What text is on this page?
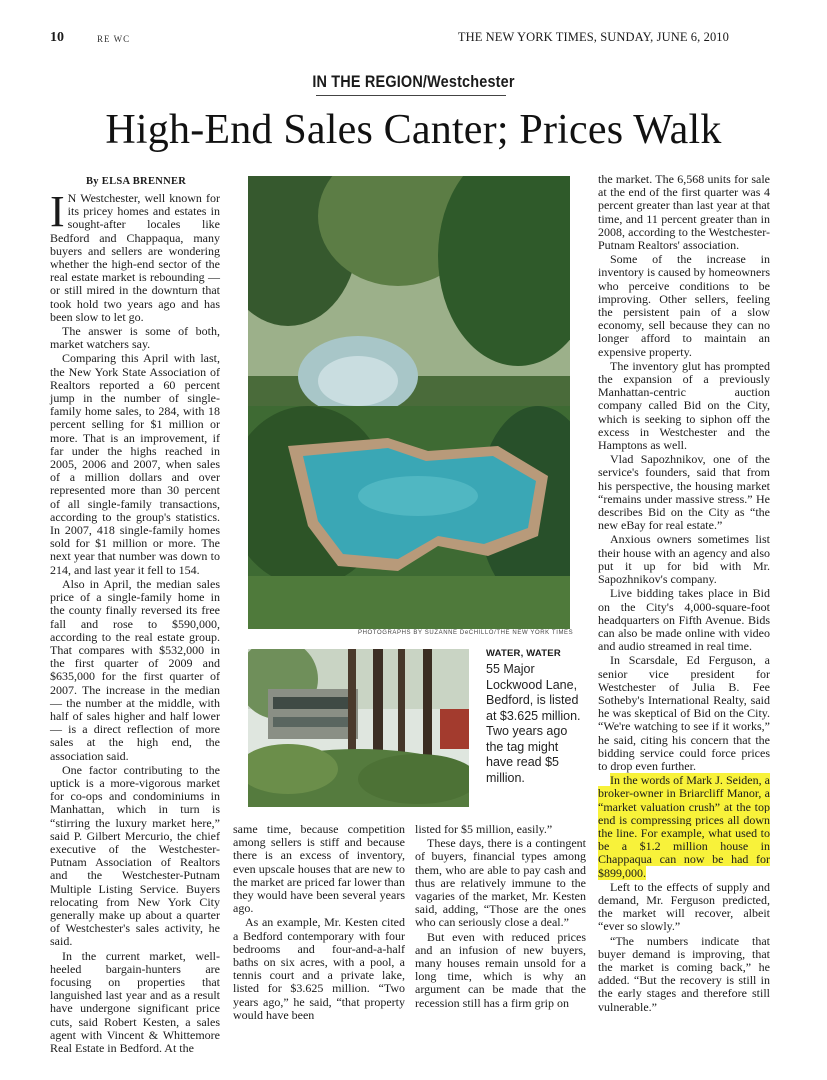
10	RE WC	THE NEW YORK TIMES, SUNDAY, JUNE 6, 2010
IN THE REGION/Westchester
High-End Sales Canter; Prices Walk
By ELSA BRENNER

I N Westchester, well known for its pricey homes and estates in sought-after locales like Bedford and Chappaqua, many buyers and sellers are wondering whether the high-end sector of the real estate market is rebounding — or still mired in the downturn that took hold two years ago and has been slow to let go.

The answer is some of both, market watchers say.

Comparing this April with last, the New York State Association of Realtors reported a 60 percent jump in the number of single-family home sales, to 284, with 18 percent selling for $1 million or more. That is an improvement, if far under the highs reached in 2005, 2006 and 2007, when sales of a million dollars and over represented more than 30 percent of all single-family transactions, according to the group's statistics. In 2007, 418 single-family homes sold for $1 million or more. The next year that number was down to 214, and last year it fell to 154.

Also in April, the median sales price of a single-family home in the county finally reversed its free fall and rose to $590,000, according to the real estate group. That compares with $532,000 in the first quarter of 2009 and $635,000 for the first quarter of 2007. The increase in the median — the number at the middle, with half of sales higher and half lower — is a direct reflection of more sales at the high end, the association said.

One factor contributing to the uptick is a more-vigorous market for co-ops and condominiums in Manhattan, which in turn is “stirring the luxury market here,” said P. Gilbert Mercurio, the chief executive of the Westchester-Putnam Association of Realtors and the Westchester-Putnam Multiple Listing Service. Buyers relocating from New York City generally make up about a quarter of Westchester's sales activity, he said.

In the current market, well-heeled bargain-hunters are focusing on properties that languished last year and as a result have undergone significant price cuts, said Robert Kesten, a sales agent with Vincent & Whittemore Real Estate in Bedford. At the

PHOTOGRAPHS BY SUZANNE DeCHILLO/THE NEW YORK TIMES
WATER, WATER
55 Major Lockwood Lane, Bedford, is listed at $3.625 million. Two years ago the tag might have read $5 million.

same time, because competition among sellers is stiff and because there is an excess of inventory, even upscale houses that are new to the market are priced far lower than they would have been several years ago.

As an example, Mr. Kesten cited a Bedford contemporary with four bedrooms and four-and-a-half baths on six acres, with a pool, a tennis court and a private lake, listed for $3.625 million. “Two years ago,” he said, “that property would have been

listed for $5 million, easily.”

These days, there is a contingent of buyers, financial types among them, who are able to pay cash and thus are relatively immune to the vagaries of the market, Mr. Kesten said, adding, “Those are the ones who can seriously close a deal.”

But even with reduced prices and an infusion of new buyers, many houses remain unsold for a long time, which is why an argument can be made that the recession still has a firm grip on

the market. The 6,568 units for sale at the end of the first quarter was 4 percent greater than last year at that time, and 11 percent greater than in 2008, according to the Westchester-Putnam Realtors' association.

Some of the increase in inventory is caused by homeowners who perceive conditions to be improving. Other sellers, feeling the persistent pain of a slow economy, sell because they can no longer afford to maintain an expensive property.

The inventory glut has prompted the expansion of a previously Manhattan-centric auction company called Bid on the City, which is seeking to siphon off the excess in Westchester and the Hamptons as well.

Vlad Sapozhnikov, one of the service's founders, said that from his perspective, the housing market “remains under massive stress.” He describes Bid on the City as “the new eBay for real estate.”

Anxious owners sometimes list their house with an agency and also put it up for bid with Mr. Sapozhnikov's company.

Live bidding takes place in Bid on the City's 4,000-square-foot headquarters on Fifth Avenue. Bids can also be made online with video and audio streamed in real time.

In Scarsdale, Ed Ferguson, a senior vice president for Westchester of Julia B. Fee Sotheby's International Realty, said he was skeptical of Bid on the City. “We're watching to see if it works,” he said, citing his concern that the bidding service could force prices to drop even further.

In the words of Mark J. Seiden, a broker-owner in Briarcliff Manor, a “market valuation crush” at the top end is compressing prices all down the line. For example, what used to be a $1.2 million house in Chappaqua can now be had for $899,000.

Left to the effects of supply and demand, Mr. Ferguson predicted, the market will recover, albeit “ever so slowly.”

“The numbers indicate that buyer demand is improving, that the market is coming back,” he added. “But the recovery is still in the early stages and therefore still vulnerable.”
